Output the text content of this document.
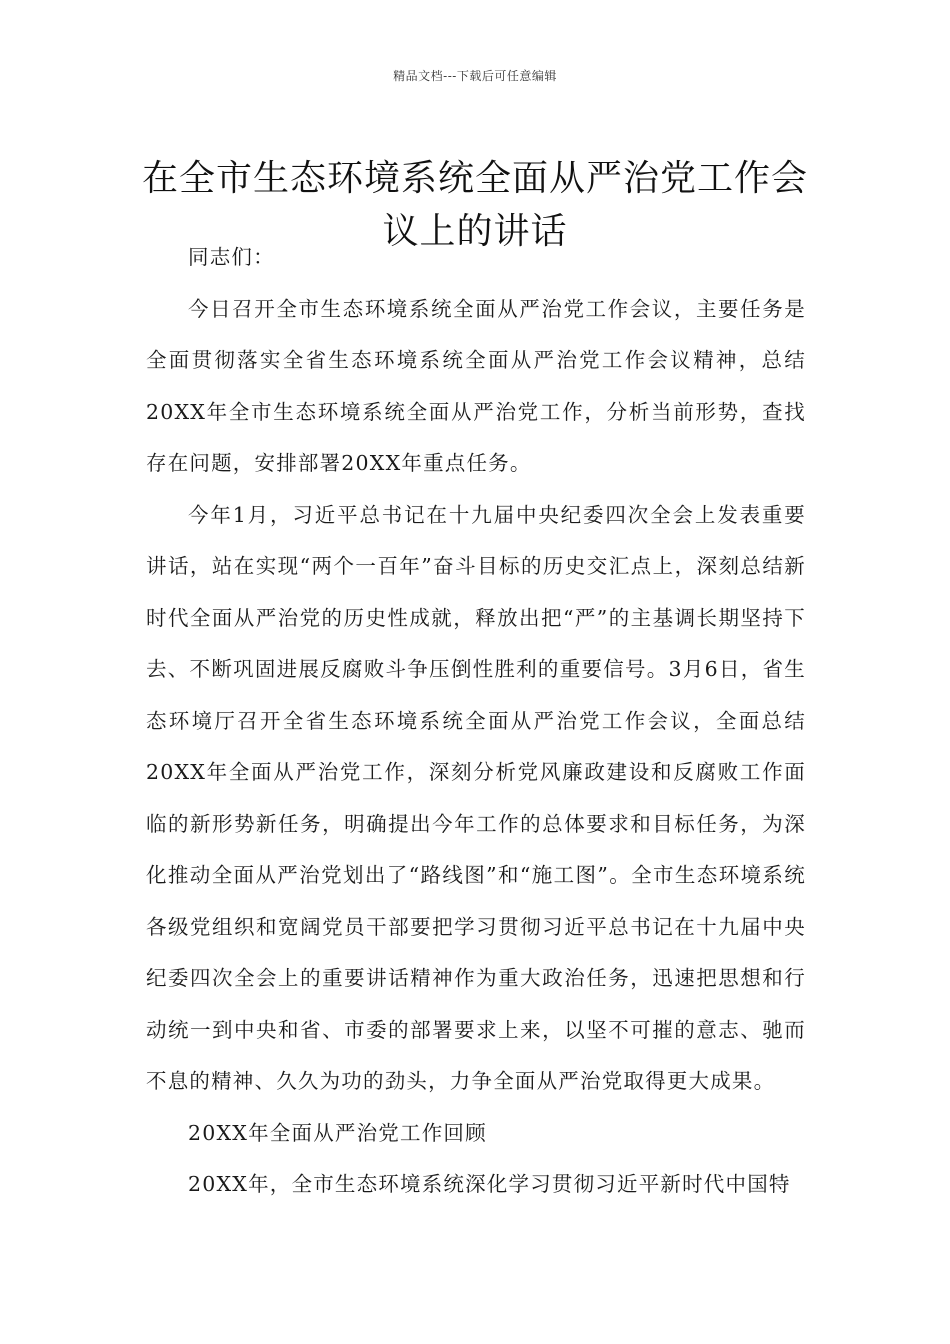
精品文档---下载后可任意编辑
在全市生态环境系统全面从严治党工作会议上的讲话

同志们：

今日召开全市生态环境系统全面从严治党工作会议，主要任务是全面贯彻落实全省生态环境系统全面从严治党工作会议精神，总结20XX年全市生态环境系统全面从严治党工作，分析当前形势，查找存在问题，安排部署20XX年重点任务。

今年1月，习近平总书记在十九届中央纪委四次全会上发表重要讲话，站在实现“两个一百年”奋斗目标的历史交汇点上，深刻总结新时代全面从严治党的历史性成就，释放出把“严”的主基调长期坚持下去、不断巩固进展反腐败斗争压倒性胜利的重要信号。3月6日，省生态环境厅召开全省生态环境系统全面从严治党工作会议，全面总结20XX年全面从严治党工作，深刻分析党风廉政建设和反腐败工作面临的新形势新任务，明确提出今年工作的总体要求和目标任务，为深化推动全面从严治党划出了“路线图”和“施工图”。全市生态环境系统各级党组织和宽阔党员干部要把学习贯彻习近平总书记在十九届中央纪委四次全会上的重要讲话精神作为重大政治任务，迅速把思想和行动统一到中央和省、市委的部署要求上来，以坚不可摧的意志、驰而不息的精神、久久为功的劲头，力争全面从严治党取得更大成果。

20XX年全面从严治党工作回顾

20XX年，全市生态环境系统深化学习贯彻习近平新时代中国特
